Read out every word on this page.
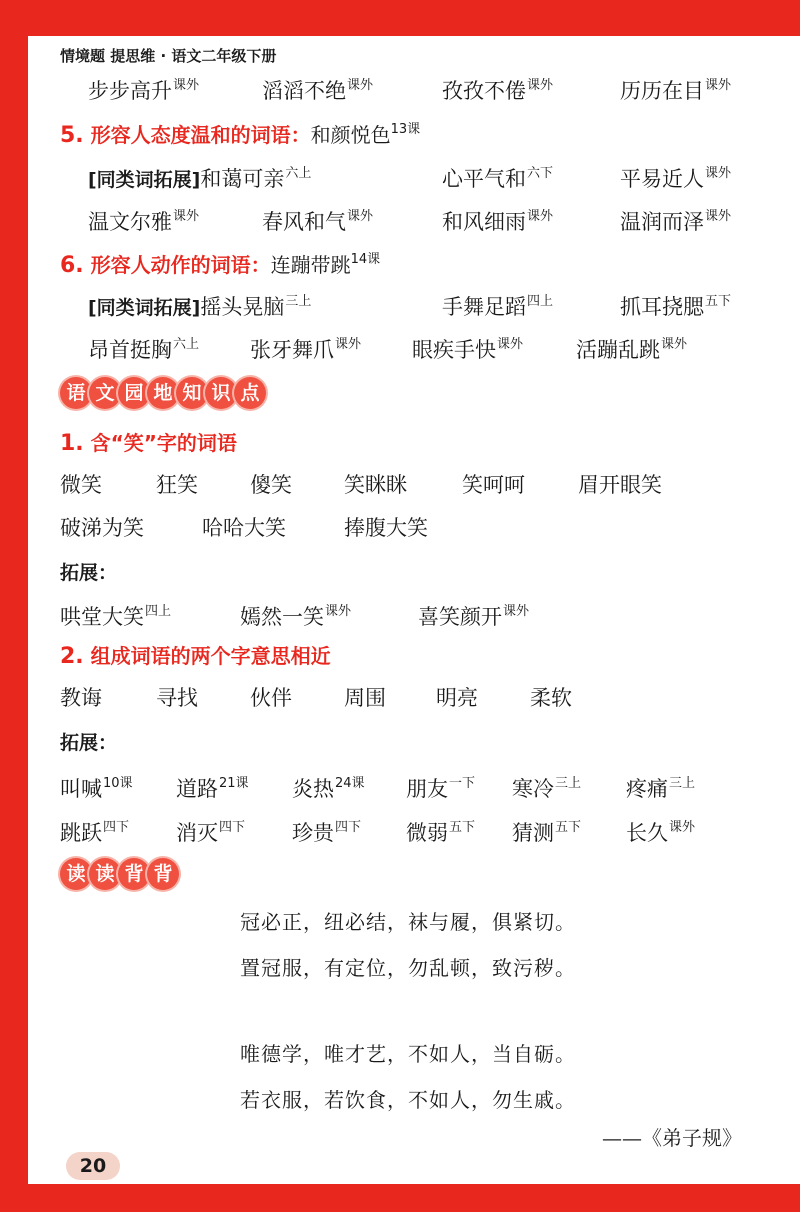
情境题 提思维 · 语文二年级下册
步步高升$^{课外}$	滔滔不绝$^{课外}$	孜孜不倦$^{课外}$	历历在目$^{课外}$
5. 形容人态度温和的词语：和颜悦色$^{13课}$
[同类词拓展]和蔼可亲$^{六上}$	心平气和$^{六下}$	平易近人$^{课外}$
温文尔雅$^{课外}$	春风和气$^{课外}$	和风细雨$^{课外}$	温润而泽$^{课外}$
6. 形容人动作的词语：连蹦带跳$^{14课}$
[同类词拓展]摇头晃脑$^{三上}$	手舞足蹈$^{四上}$	抓耳挠腮$^{五下}$
昂首挺胸$^{六上}$ 张牙舞爪$^{课外}$ 眼疾手快$^{课外}$	活蹦乱跳$^{课外}$
语 文 园 地 知 识 点
1. 含“笑”字的词语
微笑	狂笑 傻笑 笑眯眯	笑呵呵	眉开眼笑
破涕为笑	哈哈大笑	捧腹大笑
拓展：
哄堂大笑$^{四上}$	嫣然一笑$^{课外}$	喜笑颜开$^{课外}$
2. 组成词语的两个字意思相近
教诲	寻找 伙伴 周围 明亮 柔软
拓展：
叫喊$^{10课}$ 道路$^{21课}$ 炎热$^{24课}$ 朋友$^{一下}$ 寒冷$^{三上}$ 疼痛$^{三上}$
跳跃$^{四下}$ 消灭$^{四下}$ 珍贵$^{四下}$ 微弱$^{五下}$ 猜测$^{五下}$ 长久$^{课外}$
读 读 背 背
冠必正，纽必结，袜与履，俱紧切。
置冠服，有定位，勿乱顿，致污秽。
唯德学，唯才艺，不如人，当自砺。
若衣服，若饮食，不如人，勿生戚。
——《弟子规》
20
